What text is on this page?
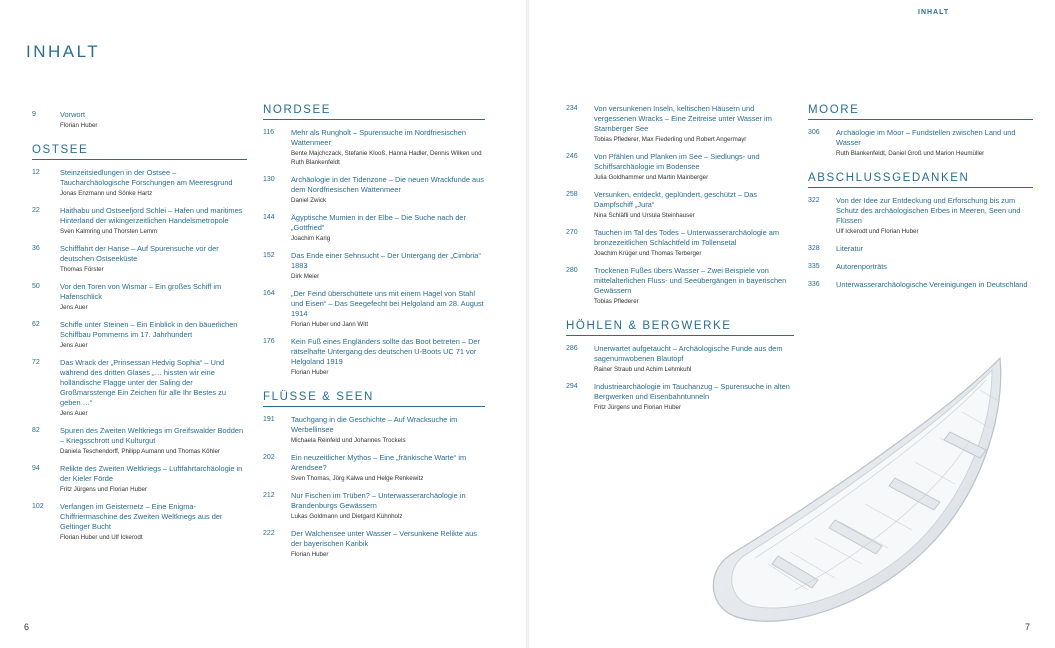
INHALT
INHALT
9	Vorwort
Florian Huber
OSTSEE
12	Steinzeitsiedlungen in der Ostsee – Taucharchäologische Forschungen am Meeresgrund
Jonas Enzmann und Sönke Hartz
22	Haithabu und Ostseefjord Schlei – Hafen und maritimes Hinterland der wikingerzeitlichen Handelsmetropole
Sven Kalmring und Thorsten Lemm
36	Schifffahrt der Hanse – Auf Spurensuche vor der deutschen Ostseeküste
Thomas Förster
50	Vor den Toren von Wismar – Ein großes Schiff im Hafenschlick
Jens Auer
62	Schiffe unter Steinen – Ein Einblick in den bäuerlichen Schiffbau Pommerns im 17. Jahrhundert
Jens Auer
72	Das Wrack der „Prinsessan Hedvig Sophia“ – Und während des dritten Glases „… hissten wir eine holländische Flagge unter der Saling der Großmarsstenge Ein Zeichen für alle Ihr Bestes zu geben …“
Jens Auer
82	Spuren des Zweiten Weltkriegs im Greifswalder Bodden – Kriegsschrott und Kulturgut
Daniela Teschendorff, Philipp Aumann und Thomas Köhler
94	Relikte des Zweiten Weltkriegs – Luftfahrtarchäologie in der Kieler Förde
Fritz Jürgens und Florian Huber
102	Verfangen im Geisternetz – Eine Enigma-Chiffriermaschine des Zweiten Weltkriegs aus der Geltinger Bucht
Florian Huber und Ulf Ickerodt
NORDSEE
116	Mehr als Rungholt – Spurensuche im Nordfriesischen Wattenmeer
Bente Majchczack, Stefanie Klooß, Hanna Hadler, Dennis Wilken und Ruth Blankenfeldt
130	Archäologie in der Tidenzone – Die neuen Wrackfunde aus dem Nordfriesischen Wattenmeer
Daniel Zwick
144	Ägyptische Mumien in der Elbe – Die Suche nach der „Gottfried“
Joachim Karig
152	Das Ende einer Sehnsucht – Der Untergang der „Cimbria“ 1883
Dirk Meier
164	„Der Feind überschüttete uns mit einem Hagel von Stahl und Eisen“ – Das Seegefecht bei Helgoland am 28. August 1914
Florian Huber und Jann Witt
176	Kein Fuß eines Engländers sollte das Boot betreten – Der rätselhafte Untergang des deutschen U-Boots UC 71 vor Helgoland 1919
Florian Huber
FLÜSSE & SEEN
191	Tauchgang in die Geschichte – Auf Wracksuche im Werbellinsee
Michaela Reinfeld und Johannes Trockels
202	Ein neuzeitlicher Mythos – Eine „fränkische Warte“ im Arendsee?
Sven Thomas, Jörg Kalwa und Helge Renkewitz
212	Nur Fischen im Trüben? – Unterwasserarchäologie in Brandenburgs Gewässern
Lukas Goldmann und Dietgard Kühnholz
222	Der Walchensee unter Wasser – Versunkene Relikte aus der bayerischen Karibik
Florian Huber
234	Von versunkenen Inseln, keltischen Häusern und vergessenen Wracks – Eine Zeitreise unter Wasser im Starnberger See
Tobias Pflederer, Max Fiederling und Robert Angermayr
246	Von Pfählen und Planken im See – Siedlungs- und Schiffsarchäologie im Bodensee
Julia Goldhammer und Martin Mainberger
258	Versunken, entdeckt, geplündert, geschützt – Das Dampfschiff „Jura“
Nina Schläfli und Ursula Steinhauser
270	Tauchen im Tal des Todes – Unterwasserarchäologie am bronzezeitlichen Schlachtfeld im Tollensetal
Joachim Krüger und Thomas Terberger
280	Trockenen Fußes übers Wasser – Zwei Beispiele von mittelalterlichen Fluss- und Seeübergängen in bayerischen Gewässern
Tobias Pflederer
HÖHLEN & BERGWERKE
286	Unerwartet aufgetaucht – Archäologische Funde aus dem sagenumwobenen Blautopf
Rainer Straub und Achim Lehmkuhl
294	Industriearchäologie im Tauchanzug – Spurensuche in alten Bergwerken und Eisenbahntunneln
Fritz Jürgens und Florian Huber
MOORE
306	Archäologie im Moor – Fundstellen zwischen Land und Wasser
Ruth Blankenfeldt, Daniel Groß und Marion Heumüller
ABSCHLUSSGEDANKEN
322	Von der Idee zur Entdeckung und Erforschung bis zum Schutz des archäologischen Erbes in Meeren, Seen und Flüssen
Ulf Ickerodt und Florian Huber
328	Literatur
335	Autorenporträts
336	Unterwasserarchäologische Vereinigungen in Deutschland
6	7
